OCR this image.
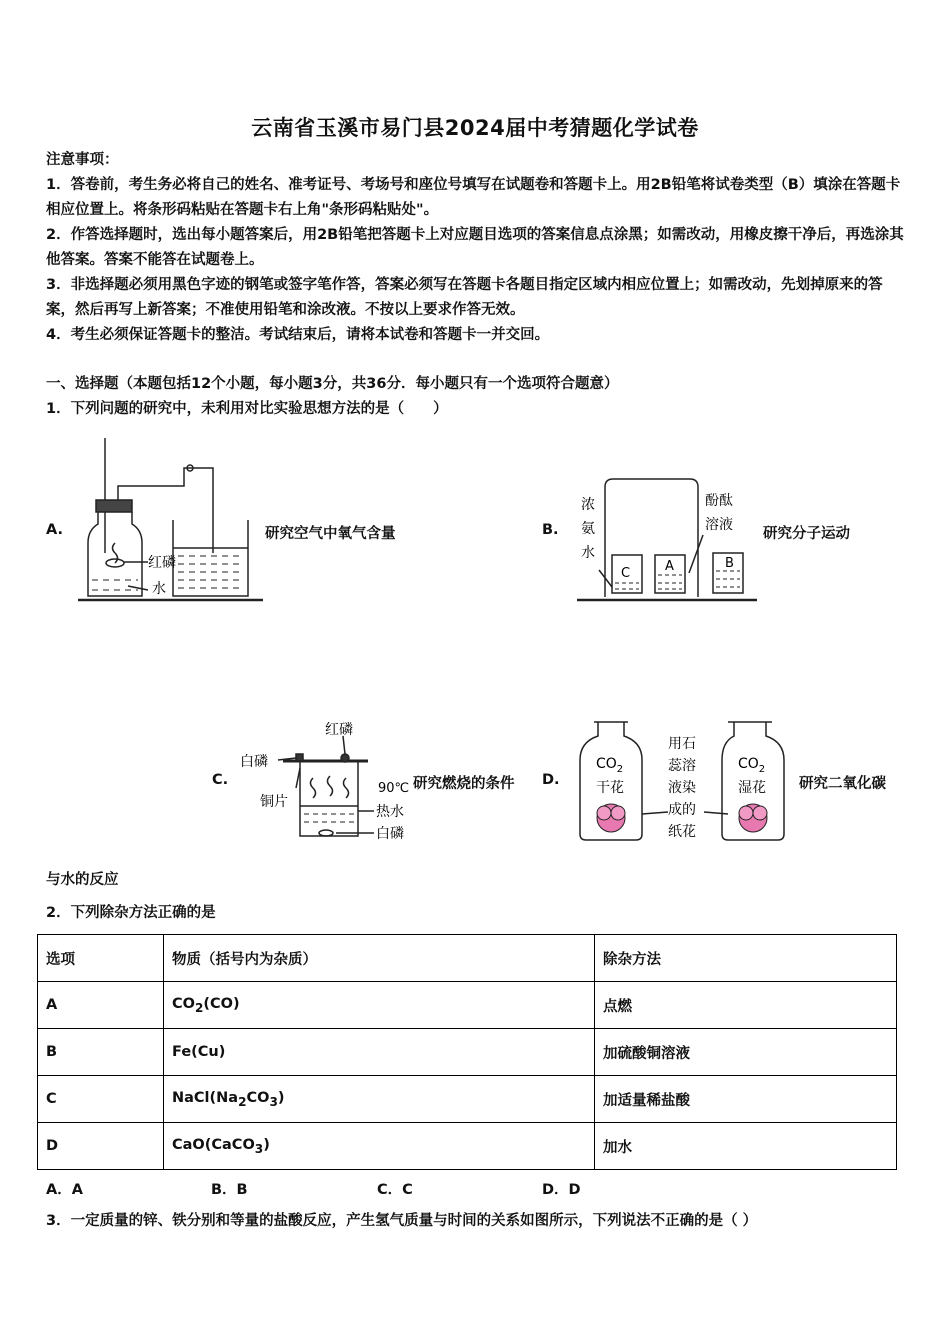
云南省玉溪市易门县2024届中考猜题化学试卷
注意事项：
1．答卷前，考生务必将自己的姓名、准考证号、考场号和座位号填写在试题卷和答题卡上。用2B铅笔将试卷类型（B）填涂在答题卡相应位置上。将条形码粘贴在答题卡右上角"条形码粘贴处"。
2．作答选择题时，选出每小题答案后，用2B铅笔把答题卡上对应题目选项的答案信息点涂黑；如需改动，用橡皮擦干净后，再选涂其他答案。答案不能答在试题卷上。
3．非选择题必须用黑色字迹的钢笔或签字笔作答，答案必须写在答题卡各题目指定区域内相应位置上；如需改动，先划掉原来的答案，然后再写上新答案；不准使用铅笔和涂改液。不按以上要求作答无效。
4．考生必须保证答题卡的整洁。考试结束后，请将本试卷和答题卡一并交回。
一、选择题（本题包括12个小题，每小题3分，共36分．每小题只有一个选项符合题意）
1．下列问题的研究中，未利用对比实验思想方法的是（　　）
A.
红磷
水
研究空气中氧气含量	B.
浓
氨
水
酚酞
溶液
C	A	B
研究分子运动
C.
红磷
白磷
铜片
90℃
热水
白磷
研究燃烧的条件 D.
$CO_2$
干花
$CO_2$
湿花
用石
蕊溶
液染
成的
纸花
研究二氧化碳
与水的反应
2．下列除杂方法正确的是
选项	物质（括号内为杂质）	除杂方法
A	$CO_2(CO)$	点燃
B	Fe(Cu)	加硫酸铜溶液
C	$NaCl(Na_2CO_3)$	加适量稀盐酸
D	CaO(CaCO$_3$)	加水
A．A	B．B	C．C	D．D
3．一定质量的锌、铁分别和等量的盐酸反应，产生氢气质量与时间的关系如图所示，下列说法不正确的是（ ）
